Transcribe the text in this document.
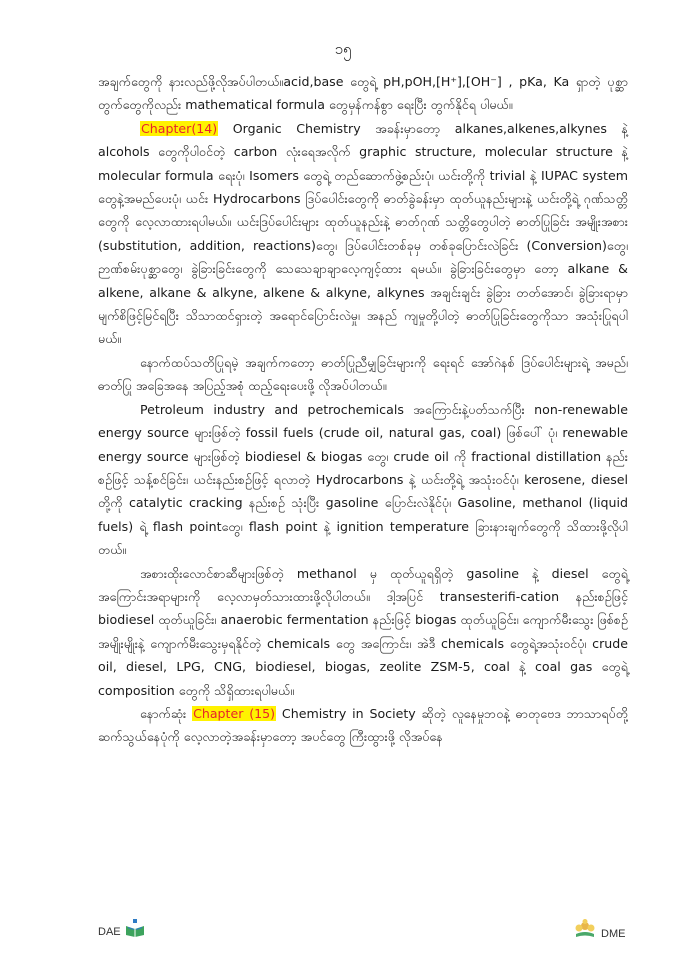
၁၅

အချက်တွေကို နားလည်ဖို့လိုအပ်ပါတယ်။acid,base တွေရဲ့ pH,pOH,[H⁺],[OH⁻] , pKa, Ka ရှာတဲ့ ပုစ္ဆာတွက်တွေကိုလည်း mathematical formula တွေမှန်ကန်စွာ ရေးပြီး တွက်နိုင်ရ ပါမယ်။

Chapter(14) Organic Chemistry အခန်းမှာတော့ alkanes,alkenes,alkynes နဲ့ alcohols တွေကိုပါဝင်တဲ့ carbon လုံးရေအလိုက် graphic structure, molecular structure နဲ့ molecular formula ရေးပုံ၊ Isomers တွေရဲ့ တည်ဆောက်ဖွဲ့စည်းပုံ၊ ယင်းတို့ကို trivial နဲ့ IUPAC system တွေနဲ့အမည်ပေးပုံ၊ ယင်း Hydrocarbons ဒြပ်ပေါင်းတွေကို ဓာတ်ခွဲခန်းမှာ ထုတ်ယူနည်းများနဲ့ ယင်းတို့ရဲ့ ဂုဏ်သတ္တိတွေကို လေ့လာထားရပါမယ်။ ယင်းဒြပ်ပေါင်းများ ထုတ်ယူနည်းနဲ့ ဓာတ်ဂုဏ် သတ္တိတွေပါတဲ့ ဓာတ်ပြုခြင်း အမျိုးအစား (substitution, addition, reactions)တွေ၊ ဒြပ်ပေါင်းတစ်ခုမှ တစ်ခုပြောင်းလဲခြင်း (Conversion)တွေ၊ ဉာဏ်စမ်းပုစ္ဆာတွေ၊ ခွဲခြားခြင်းတွေကို သေသေချာချာလေ့ကျင့်ထား ရမယ်။ ခွဲခြားခြင်းတွေမှာ တော့ alkane & alkene, alkane & alkyne, alkene & alkyne, alkynes အချင်းချင်း ခွဲခြား တတ်အောင်၊ ခွဲခြားရာမှာ မျက်စိဖြင့်မြင်ရပြီး သိသာထင်ရှားတဲ့ အရောင်ပြောင်းလဲမှု၊ အနည် ကျမှုတို့ပါတဲ့ ဓာတ်ပြုခြင်းတွေကိုသာ အသုံးပြုရပါမယ်။

နောက်ထပ်သတိပြုရမဲ့ အချက်ကတော့ ဓာတ်ပြုညီမျှခြင်းများကို ရေးရင် အော်ဂဲနစ် ဒြပ်ပေါင်းများရဲ့ အမည်၊ ဓာတ်ပြု အခြေအနေ အပြည့်အစုံ ထည့်ရေးပေးဖို့ လိုအပ်ပါတယ်။

Petroleum industry and petrochemicals အကြောင်းနဲ့ပတ်သက်ပြီး non-renewable energy source များဖြစ်တဲ့ fossil fuels (crude oil, natural gas, coal) ဖြစ်ပေါ် ပုံ၊ renewable energy source များဖြစ်တဲ့ biodiesel & biogas တွေ၊ crude oil ကို fractional distillation နည်းစဉ်ဖြင့် သန့်စင်ခြင်း၊ ယင်းနည်းစဉ်ဖြင့် ရလာတဲ့ Hydrocarbons နဲ့ ယင်းတို့ရဲ့ အသုံးဝင်ပုံ၊ kerosene, diesel တို့ကို catalytic cracking နည်းစဉ် သုံးပြီး gasoline ပြောင်းလဲနိုင်ပုံ၊ Gasoline, methanol (liquid fuels) ရဲ့ flash pointတွေ၊ flash point နဲ့ ignition temperature ခြားနားချက်တွေကို သိထားဖို့လိုပါတယ်။

အစားထိုးလောင်စာဆီများဖြစ်တဲ့ methanol မှ ထုတ်ယူရရှိတဲ့ gasoline နဲ့ diesel တွေရဲ့ အကြောင်းအရာများကို လေ့လာမှတ်သားထားဖို့လိုပါတယ်။ ဒါ့အပြင် transesterifi-cation နည်းစဉ်ဖြင့် biodiesel ထုတ်ယူခြင်း၊ anaerobic fermentation နည်းဖြင့် biogas ထုတ်ယူခြင်း၊ ကျောက်မီးသွေး ဖြစ်စဉ် အမျိုးမျိုးနဲ့ ကျောက်မီးသွေးမှရနိုင်တဲ့ chemicals တွေ အကြောင်း၊ အဲဒီ chemicals တွေရဲ့အသုံးဝင်ပုံ၊ crude oil, diesel, LPG, CNG, biodiesel, biogas, zeolite ZSM-5, coal နဲ့ coal gas တွေရဲ့ composition တွေကို သိရှိထားရပါမယ်။

နောက်ဆုံး Chapter (15) Chemistry in Society ဆိုတဲ့ လူနေမှုဘဝနဲ့ ဓာတုဗေဒ ဘာသာရပ်တို့ ဆက်သွယ်နေပုံကို လေ့လာတဲ့အခန်းမှာတော့ အပင်တွေ ကြီးထွားဖို့ လိုအပ်နေ

DAE	DME
